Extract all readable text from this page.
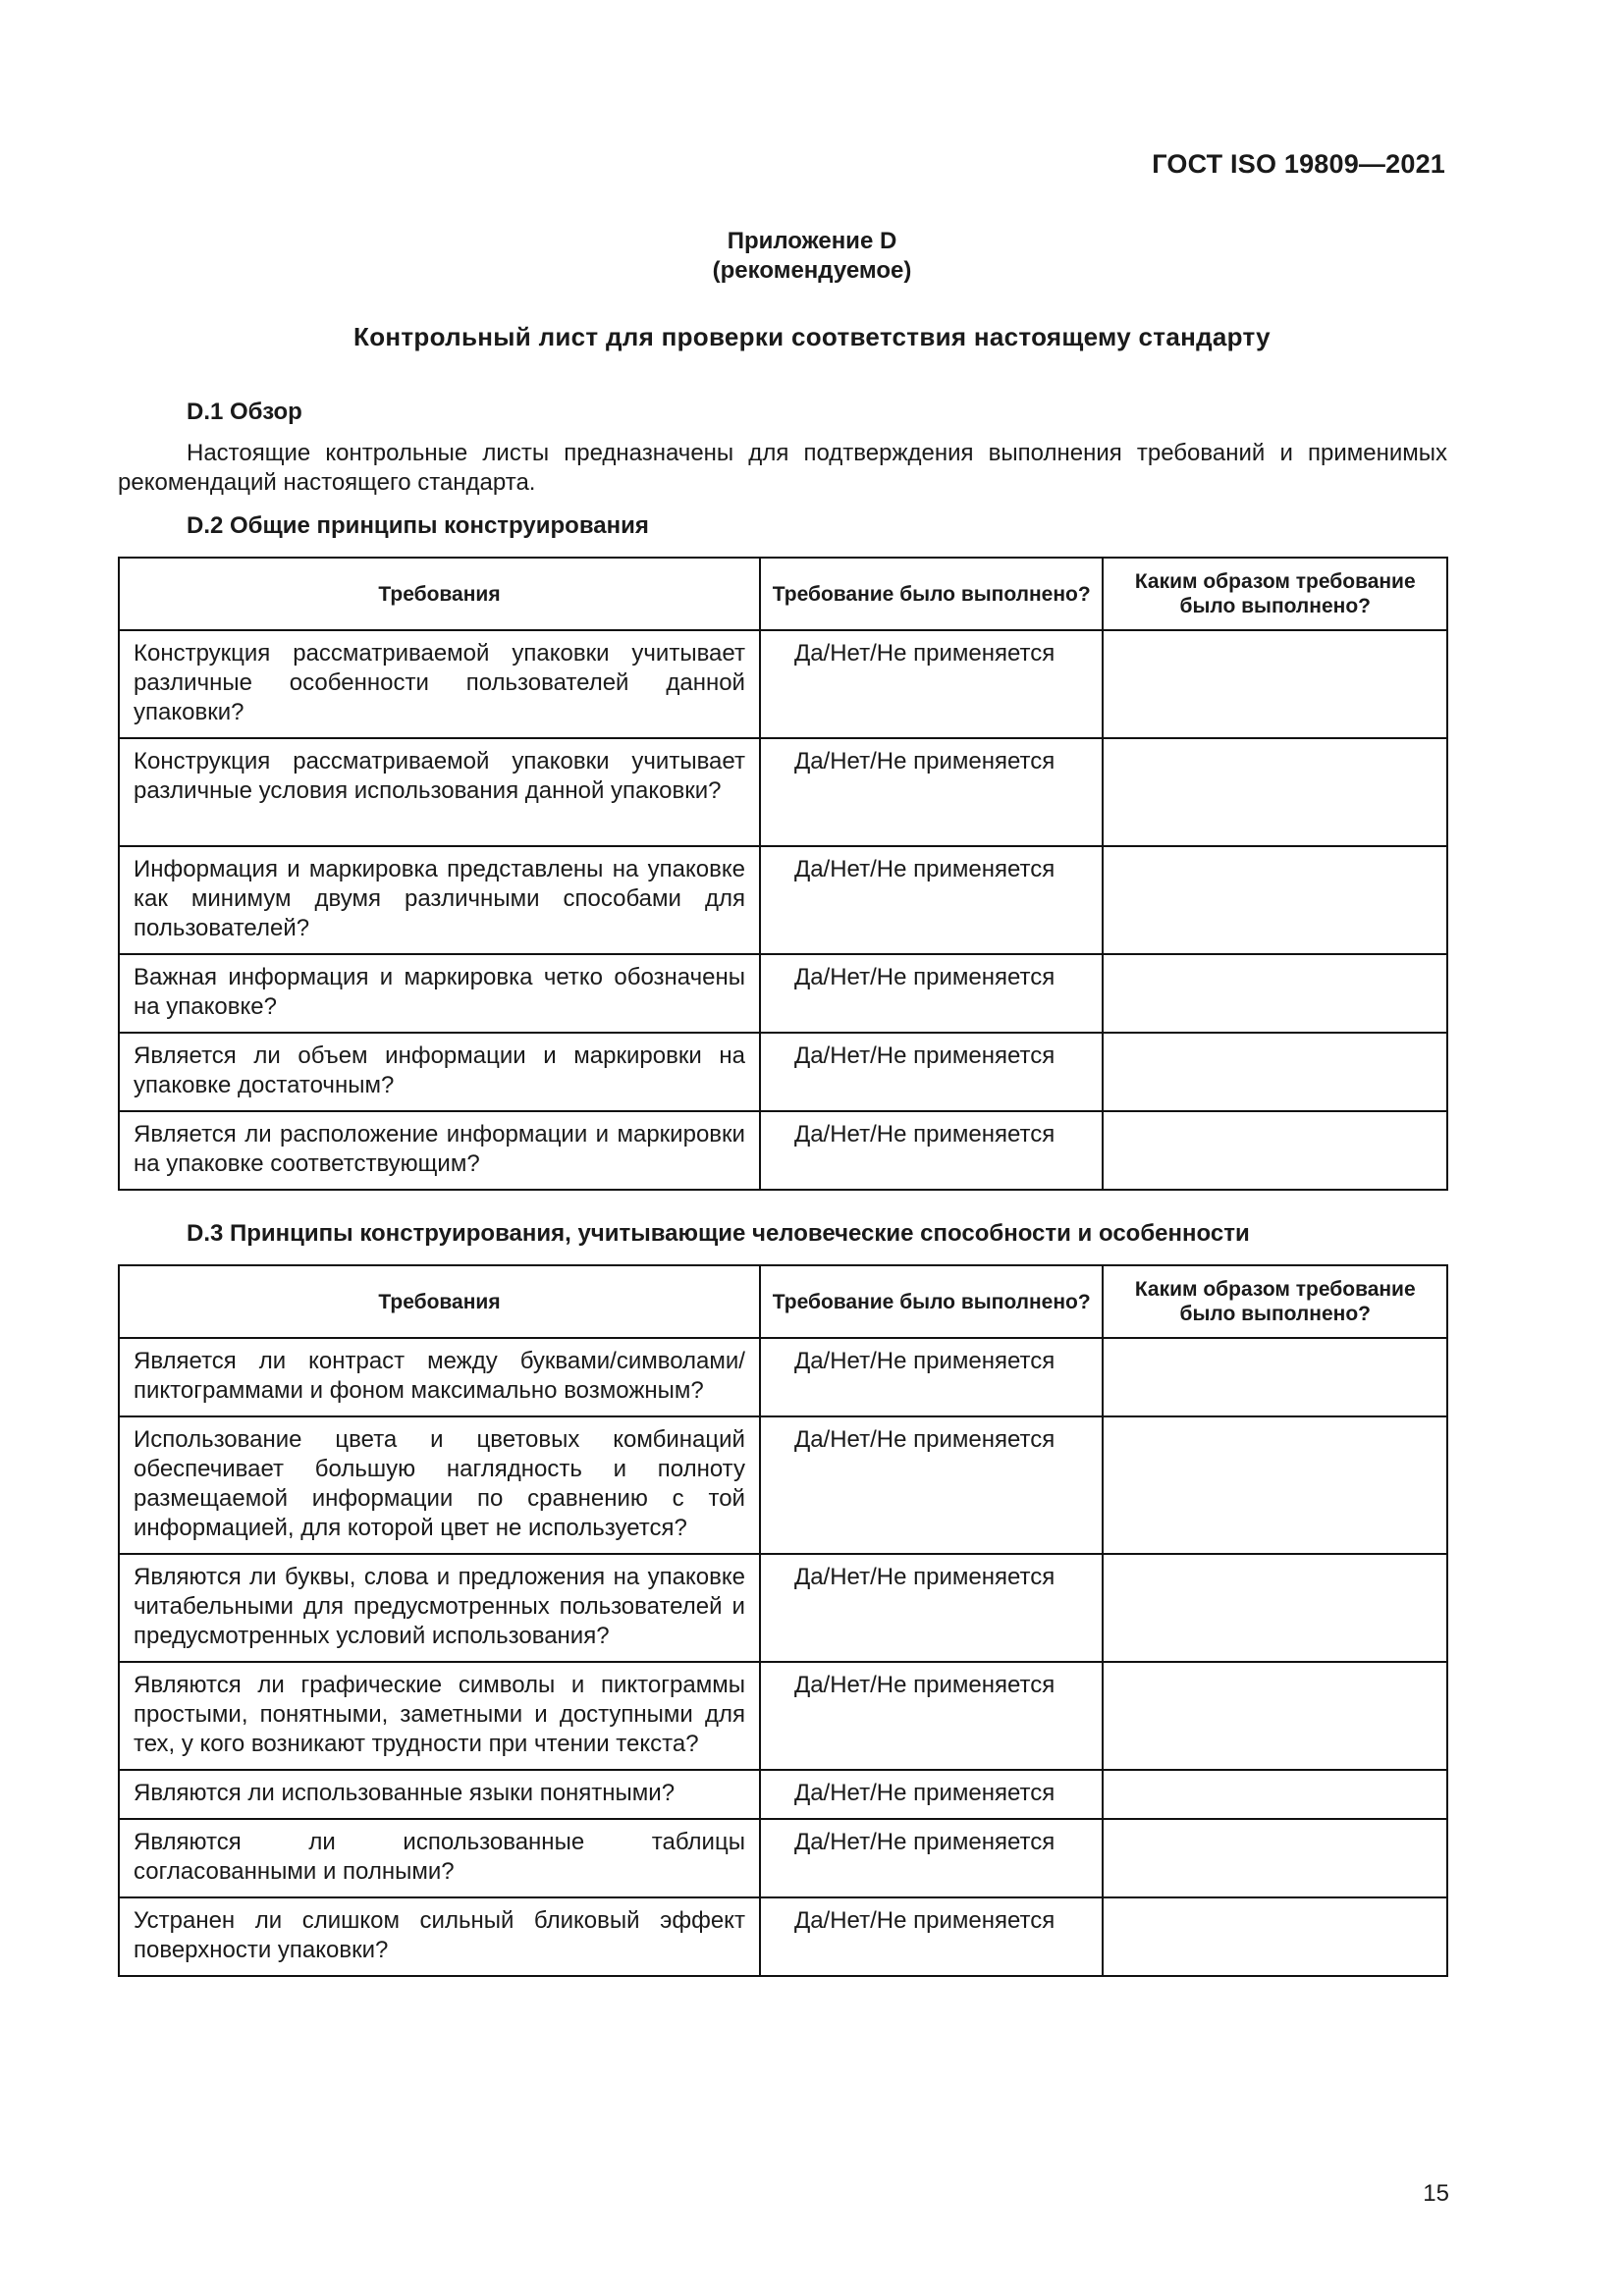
ГОСТ ISO 19809—2021
Приложение D
(рекомендуемое)
Контрольный лист для проверки соответствия настоящему стандарту
D.1 Обзор
Настоящие контрольные листы предназначены для подтверждения выполнения требований и применимых рекомендаций настоящего стандарта.
D.2 Общие принципы конструирования
Требования	Требование было выполнено?	Каким образом требование было выполнено?

Конструкция рассматриваемой упаковки учитывает различные особенности пользователей данной упаковки?	Да/Нет/Не применяется	
Конструкция рассматриваемой упаковки учитывает различные условия использования данной упаковки?	Да/Нет/Не применяется	
Информация и маркировка представлены на упаковке как минимум двумя различными способами для пользователей?	Да/Нет/Не применяется	
Важная информация и маркировка четко обозначены на упаковке?	Да/Нет/Не применяется	
Является ли объем информации и маркировки на упаковке достаточным?	Да/Нет/Не применяется	
Является ли расположение информации и маркировки на упаковке соответствующим?	Да/Нет/Не применяется	
D.3 Принципы конструирования, учитывающие человеческие способности и особенности
Требования	Требование было выполнено?	Каким образом требование было выполнено?

Является ли контраст между буквами/символами/пиктограммами и фоном максимально возможным?	Да/Нет/Не применяется	
Использование цвета и цветовых комбинаций обеспечивает большую наглядность и полноту размещаемой информации по сравнению с той информацией, для которой цвет не используется?	Да/Нет/Не применяется	
Являются ли буквы, слова и предложения на упаковке читабельными для предусмотренных пользователей и предусмотренных условий использования?	Да/Нет/Не применяется	
Являются ли графические символы и пиктограммы простыми, понятными, заметными и доступными для тех, у кого возникают трудности при чтении текста?	Да/Нет/Не применяется	
Являются ли использованные языки понятными?	Да/Нет/Не применяется	
Являются ли использованные таблицы согласованными и полными?	Да/Нет/Не применяется	
Устранен ли слишком сильный бликовый эффект поверхности упаковки?	Да/Нет/Не применяется	
15
